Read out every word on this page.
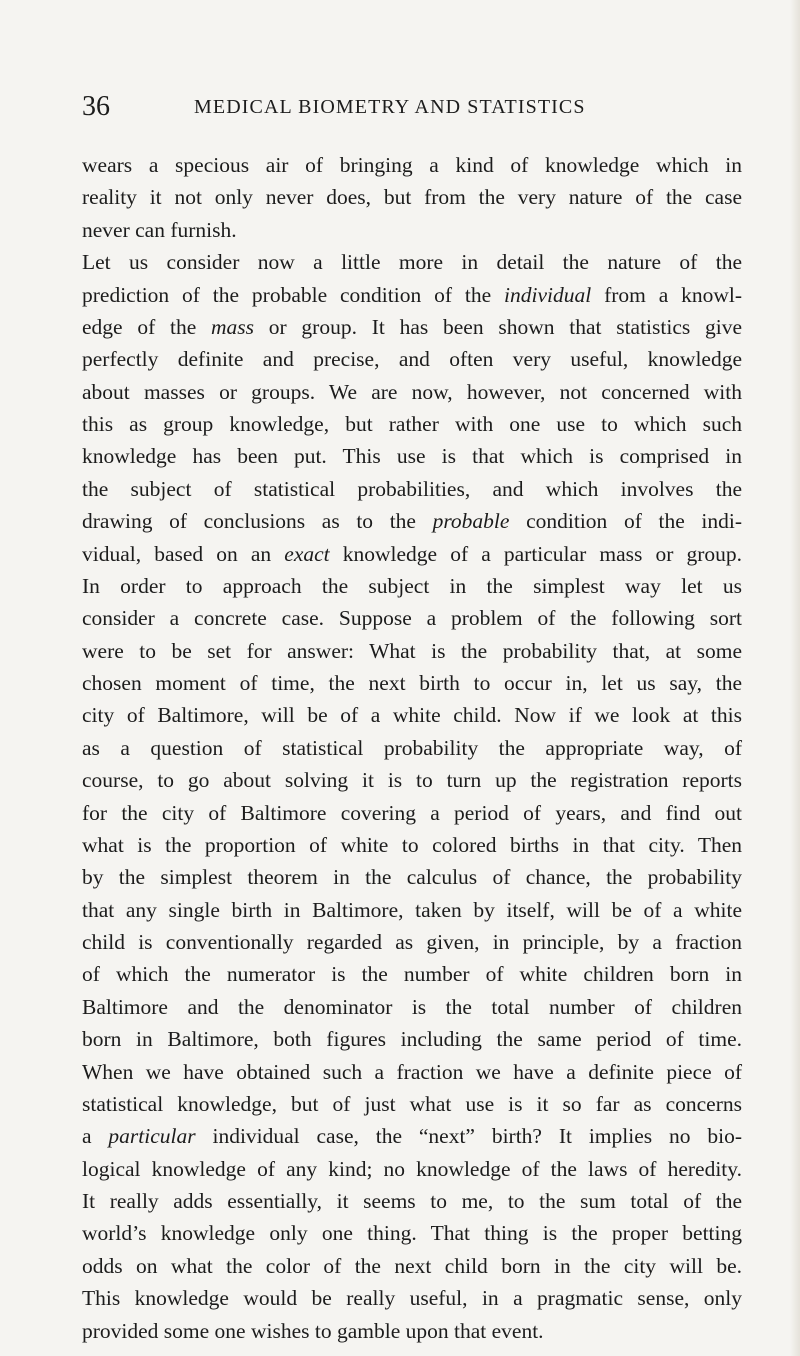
36	MEDICAL BIOMETRY AND STATISTICS
wears a specious air of bringing a kind of knowledge which in
reality it not only never does, but from the very nature of the case
never can furnish.
Let us consider now a little more in detail the nature of the
prediction of the probable condition of the individual from a knowl-
edge of the mass or group. It has been shown that statistics give
perfectly definite and precise, and often very useful, knowledge
about masses or groups. We are now, however, not concerned with
this as group knowledge, but rather with one use to which such
knowledge has been put. This use is that which is comprised in
the subject of statistical probabilities, and which involves the
drawing of conclusions as to the probable condition of the indi-
vidual, based on an exact knowledge of a particular mass or group.
In order to approach the subject in the simplest way let us
consider a concrete case. Suppose a problem of the following sort
were to be set for answer: What is the probability that, at some
chosen moment of time, the next birth to occur in, let us say, the
city of Baltimore, will be of a white child. Now if we look at this
as a question of statistical probability the appropriate way, of
course, to go about solving it is to turn up the registration reports
for the city of Baltimore covering a period of years, and find out
what is the proportion of white to colored births in that city. Then
by the simplest theorem in the calculus of chance, the probability
that any single birth in Baltimore, taken by itself, will be of a white
child is conventionally regarded as given, in principle, by a fraction
of which the numerator is the number of white children born in
Baltimore and the denominator is the total number of children
born in Baltimore, both figures including the same period of time.
When we have obtained such a fraction we have a definite piece of
statistical knowledge, but of just what use is it so far as concerns
a particular individual case, the “next” birth? It implies no bio-
logical knowledge of any kind; no knowledge of the laws of heredity.
It really adds essentially, it seems to me, to the sum total of the
world’s knowledge only one thing. That thing is the proper betting
odds on what the color of the next child born in the city will be.
This knowledge would be really useful, in a pragmatic sense, only
provided some one wishes to gamble upon that event.
